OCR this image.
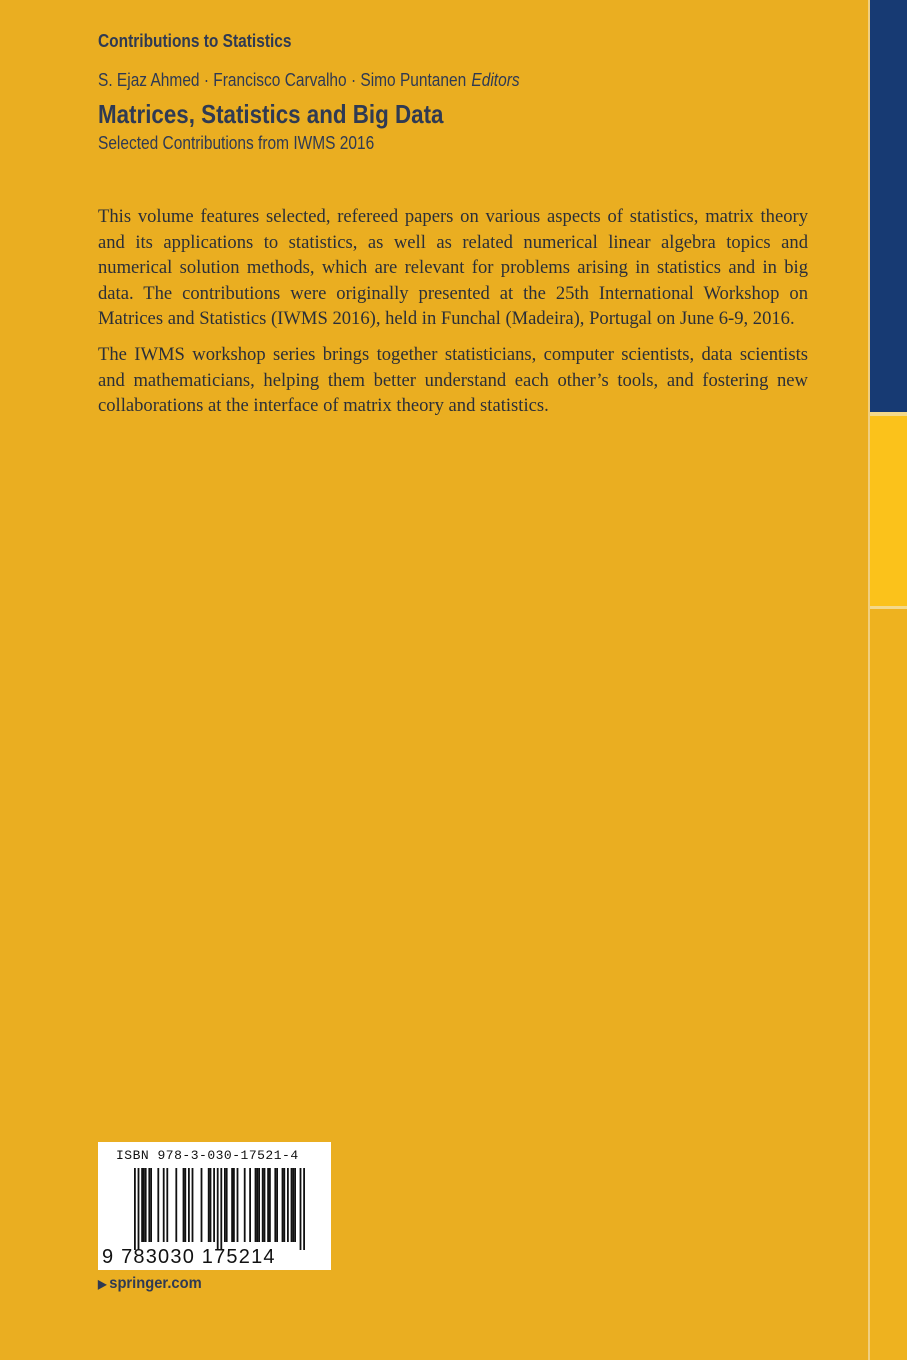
Contributions to Statistics
S. Ejaz Ahmed · Francisco Carvalho · Simo Puntanen Editors
Matrices, Statistics and Big Data
Selected Contributions from IWMS 2016

This volume features selected, refereed papers on various aspects of statistics, matrix theory and its applications to statistics, as well as related numerical linear algebra topics and numerical solution methods, which are relevant for problems arising in statistics and in big data. The contributions were originally presented at the 25th International Workshop on Matrices and Statistics (IWMS 2016), held in Funchal (Madeira), Portugal on June 6-9, 2016.

The IWMS workshop series brings together statisticians, computer scientists, data scientists and mathematicians, helping them better understand each other’s tools, and fostering new collaborations at the interface of matrix theory and statistics.

ISBN 978-3-030-17521-4
9 783030 175214
▶ springer.com
